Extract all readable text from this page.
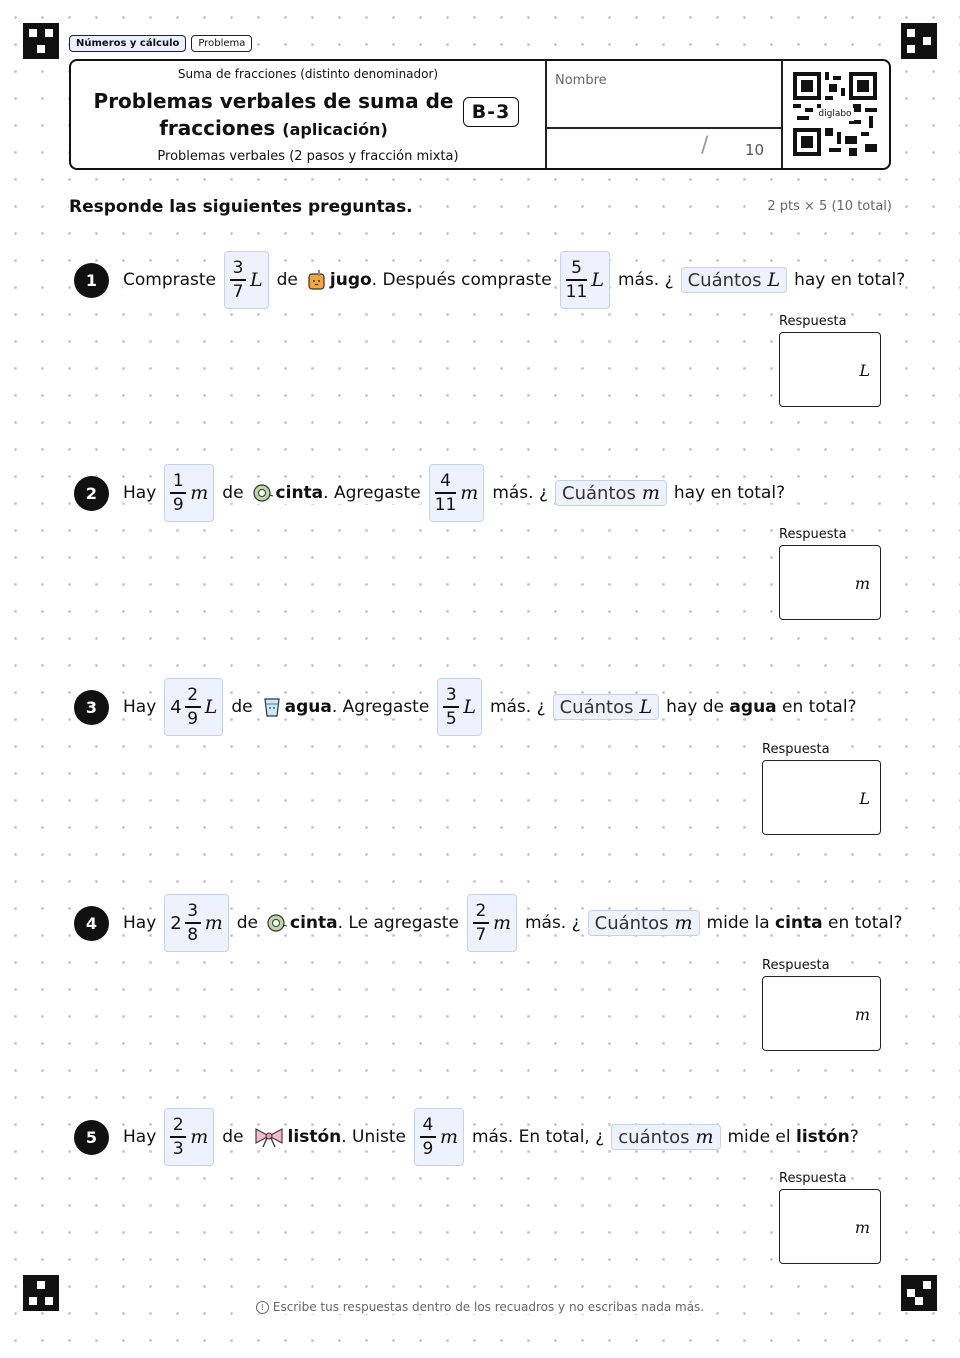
Números y cálculo	Problema
Suma de fracciones (distinto denominador)
Problemas verbales de suma de
fracciones (aplicación)
B-3
Problemas verbales (2 pasos y fracción mixta)
Nombre
/ 10
diglabo
Responde las siguientes preguntas.	2 pts × 5 (10 total)
1	Compraste $\frac{3}{7}$ L de	jugo. Después compraste $\frac{5}{11}$ L más. ¿ Cuántos L hay en total?
Respuesta
L
2	Hay $\frac{1}{9}$ m de	cinta. Agregaste $\frac{4}{11}$ m más. ¿ Cuántos m hay en total?
Respuesta
m
3	Hay $4 \frac{2}{9}$ L de	agua. Agregaste $\frac{3}{5}$ L más. ¿ Cuántos L hay de agua en total?
Respuesta
L
4	Hay $2 \frac{3}{8}$ m de	cinta. Le agregaste $\frac{2}{7}$ m más. ¿ Cuántos m mide la cinta en total?
Respuesta
m
5	Hay $\frac{2}{3}$ m de	listón. Uniste $\frac{4}{9}$ m más. En total, ¿ cuántos m mide el listón?
Respuesta
m
! Escribe tus respuestas dentro de los recuadros y no escribas nada más.
